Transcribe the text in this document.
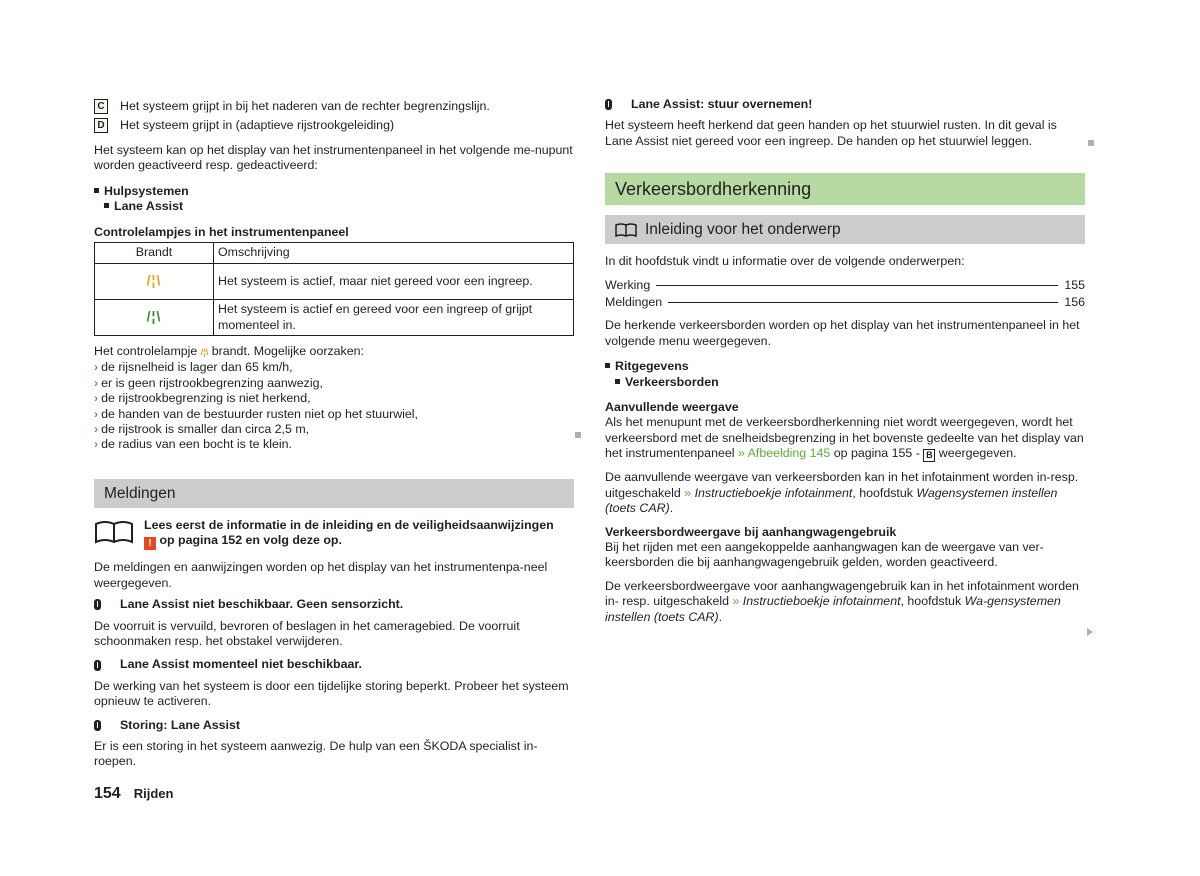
C Het systeem grijpt in bij het naderen van de rechter begrenzingslijn.
D Het systeem grijpt in (adaptieve rijstrookgeleiding)

Het systeem kan op het display van het instrumentenpaneel in het volgende me-nupunt worden geactiveerd resp. gedeactiveerd:

Hulpsystemen
Lane Assist

Controlelampjes in het instrumentenpaneel

Brandt	Omschrijving
/¦\	Het systeem is actief, maar niet gereed voor een ingreep.
/¦\	Het systeem is actief en gereed voor een ingreep of grijpt momenteel in.

Het controlelampje /¦\ brandt. Mogelijke oorzaken:

› de rijsnelheid is lager dan 65 km/h,
› er is geen rijstrookbegrenzing aanwezig,
› de rijstrookbegrenzing is niet herkend,
› de handen van de bestuurder rusten niet op het stuurwiel,
› de rijstrook is smaller dan circa 2,5 m,
› de radius van een bocht is te klein.
Meldingen
Lees eerst de informatie in de inleiding en de veiligheidsaanwijzingen
! op pagina 152 en volg deze op.

De meldingen en aanwijzingen worden op het display van het instrumentenpa-neel weergegeven.

Lane Assist niet beschikbaar. Geen sensorzicht.

De voorruit is vervuild, bevroren of beslagen in het cameragebied. De voorruit schoonmaken resp. het obstakel verwijderen.

Lane Assist momenteel niet beschikbaar.

De werking van het systeem is door een tijdelijke storing beperkt. Probeer het systeem opnieuw te activeren.

Storing: Lane Assist

Er is een storing in het systeem aanwezig. De hulp van een ŠKODA specialist in-roepen.

Lane Assist: stuur overnemen!

Het systeem heeft herkend dat geen handen op het stuurwiel rusten. In dit geval is Lane Assist niet gereed voor een ingreep. De handen op het stuurwiel leggen.

Verkeersbordherkenning
Inleiding voor het onderwerp

In dit hoofdstuk vindt u informatie over de volgende onderwerpen:

Werking	155
Meldingen	156

De herkende verkeersborden worden op het display van het instrumentenpaneel in het volgende menu weergegeven.

Ritgegevens
Verkeersborden

Aanvullende weergave

Als het menupunt met de verkeersbordherkenning niet wordt weergegeven, wordt het verkeersbord met de snelheidsbegrenzing in het bovenste gedeelte van het display van het instrumentenpaneel » Afbeelding 145 op pagina 155 - B weergegeven.

De aanvullende weergave van verkeersborden kan in het infotainment worden in-resp. uitgeschakeld » Instructieboekje infotainment, hoofdstuk Wagensystemen instellen (toets CAR).

Verkeersbordweergave bij aanhangwagengebruik

Bij het rijden met een aangekoppelde aanhangwagen kan de weergave van ver-keersborden die bij aanhangwagengebruik gelden, worden geactiveerd.

De verkeersbordweergave voor aanhangwagengebruik kan in het infotainment worden in- resp. uitgeschakeld » Instructieboekje infotainment, hoofdstuk Wa-gensystemen instellen (toets CAR).

154 Rijden
